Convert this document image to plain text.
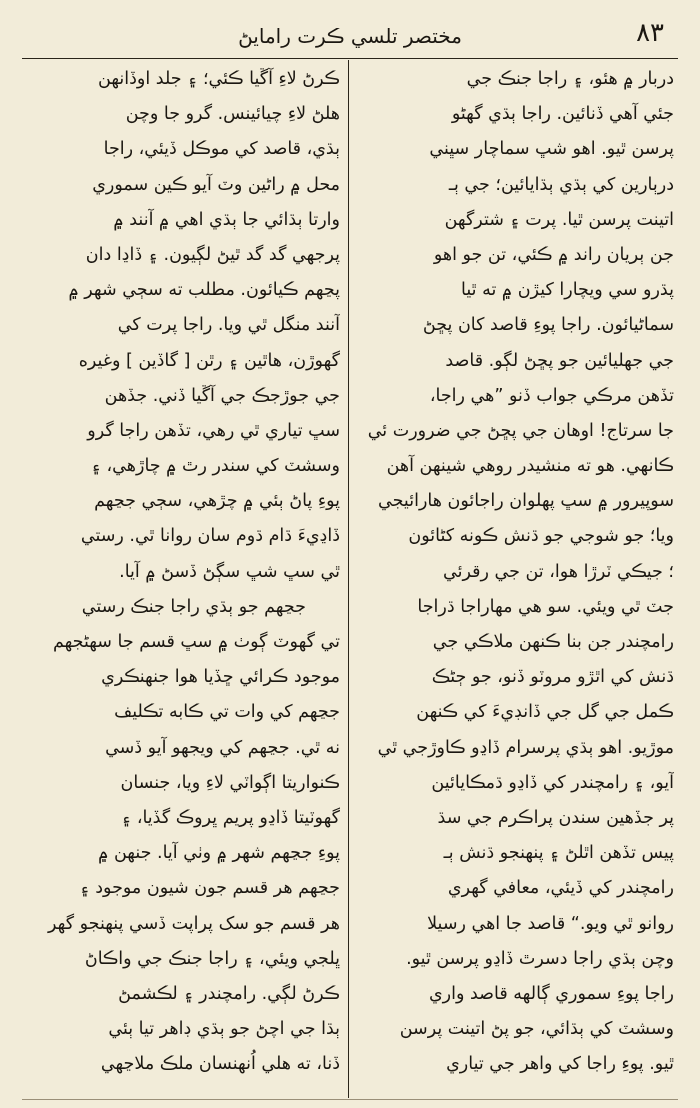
٨٣
مختصر تلسي ڪرت رامايڻ
دربار ۾ هئو، ۽ راجا جنڪ جي
جئي آهي ڏنائين. راجا ٻڌي گهڻو
پرسن ٿيو. اهو شڀ سماچار سڀني
درٻارين کي ٻڌي ٻڌايائين؛ جي ٻـ
اتينت پرسن ٿيا. پرت ۽ شترگهن
جن ٻريان راند ۾ ڪئي، تن جو اهو
پڌرو سي ويچارا کيڙن ۾ ته ٿيا
سماڻيائون. راجا پوءِ قاصد کان پڇڻ
جي جھليائين جو پڇڻ لڳو. قاصد
تڏهن مرڪي جواب ڏنو ”هي راجا،
جا سرتاج! اوهان جي پڇڻ جي ضرورت ئي
ڪانهي. هو ته منشيدر روهي شينهن آهن
سوپيرور ۾ سڀ پهلوان راجائون هارائيجي
ويا؛ جو شوجي جو ڌنش ڪونه کڻائون
؛ جيڪي ٽرڙا هوا، تن جي رقرئي
جٽ ٿي ويئي. سو هي مهاراجا ڌراجا
رامچندر جن بنا ڪنهن ملاڪي جي
ڌنش کي اٿڙو مروٽو ڏنو، جو ڄڻڪ
ڪمل جي گل جي ڏانڊيءَ کي ڪنهن
موڙيو. اهو ٻڌي پرسرام ڏاڍو ڪاوڙجي ٿي
آيو، ۽ رامچندر کي ڏاڍو ڌمڪايائين
پر جڏهين سندن پراڪرم جي سڌ
پيس تڏهن اٿلڻ ۽ پنهنجو ڌنش ٻـ
رامچندر کي ڏيئي، معافي گهري
روانو ٿي ويو.“ قاصد جا اهي رسيلا
وچن ٻڌي راجا دسرٿ ڏاڍو پرسن ٿيو.
راجا پوءِ سموري ڳالهه قاصد واري
وسشٽ کي ٻڌائي، جو پڻ اتينت پرسن
ٿيو. پوءِ راجا کي واهر جي تياري
ڪرڻ لاءِ آڱيا ڪئي؛ ۽ جلد اوڏانهن
هلڻ لاءِ چيائينس. گرو جا وچن
ٻڌي، قاصد کي موڪل ڏيئي، راجا
محل ۾ راڻين وٽ آيو ڪين سموري
وارتا ٻڌائي جا ٻڌي اهي ۾ آنند ۾
پرجهي گد گد ٿيڻ لڳيون. ۽ ڏاڍا دان
پڃهم ڪيائون. مطلب ته سڄي شهر ۾
آنند منگل ٿي ويا. راجا پرت کي
گهوڙن، هاٿين ۽ رٿن [ گاڏين ] وغيره
جي جوڙجڪ جي آڱيا ڏني. جڏهن
سڀ تياري ٿي رهي، تڏهن راجا گرو
وسشٽ کي سندر رٿ ۾ چاڙهي، ۽
پوءِ پاڻ ٻئي ۾ چڙهي، سڄي جڃهم
ڏاڍيءَ ڌام ڌوم سان روانا ٿي. رستي
ٿي سڀ شڀ سڳڻ ڏسڻ ۾ آيا.
جڃهم جو ٻڌي راجا جنڪ رستي
تي گهوٽ ڳوٺ ۾ سڀ قسم جا سهڻجهم
موجود ڪرائي ڇڏيا هوا جنهنڪري
جڃهم کي وات تي ڪابه تڪليف
نه ٿي. جڃهم کي ويجهو آيو ڏسي
ڪنواريتا اڳواٽي لاءِ ويا، جنسان
گهوٽيتا ڏاڍو پريم ڀروڪ گڏيا، ۽
پوءِ جڃهم شهر ۾ وٺي آيا. جنهن ۾
جڃهم هر قسم جون شيون موجود ۽
هر قسم جو سک پراپت ڏسي پنهنجو گهر
ڀلجي ويئي، ۽ راجا جنڪ جي واڪاڻ
ڪرڻ لڳي. رامچندر ۽ لڪشمڻ
ٻڌا جي اچڻ جو ٻڌي ڊاهر تيا ٻئي
ڏنا، ته هلي اُنهنسان ملڪ ملاڃهي
